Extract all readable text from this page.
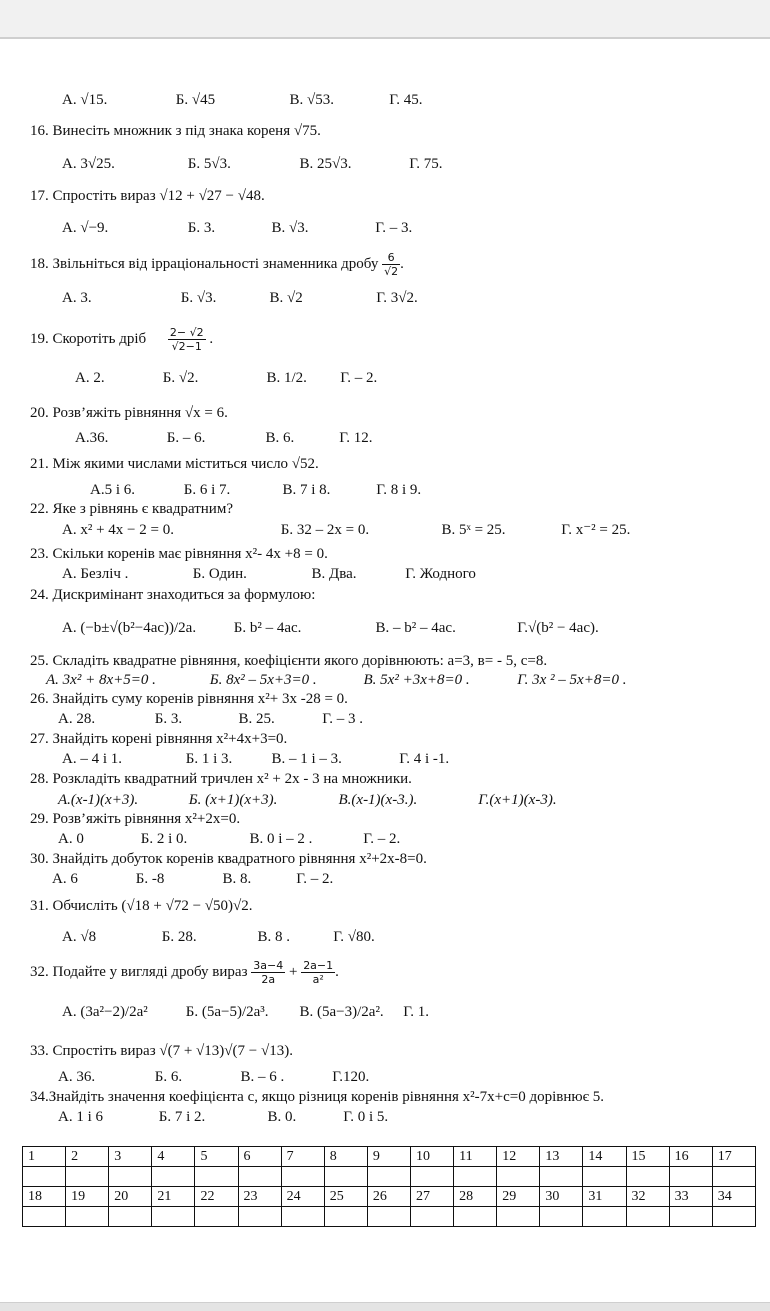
А. √15.	Б. √45	В. √53.	Г. 45.
16. Винесіть множник з під знака кореня √75.
А. 3√25.	Б. 5√3.	В. 25√3.	Г. 75.
17. Спростіть вираз √12 + √27 − √48.
А. √−9.	Б. 3.	В. √3.	Г. – 3.
18. Звільніться від ірраціональності знаменника дробу $\frac{6}{√2}$ .
А. 3.	Б. √3.	В. √2	Г. 3√2.
19. Скоротіть дріб $\frac{2- √2}{√2-1}$ .
А. 2.	Б. √2.	В. 1/2. Г. – 2.
20. Розв’яжіть рівняння √x = 6.
А.36.	Б. – 6.	В. 6.	Г. 12.
21. Між якими числами міститься число √52.
А.5 і 6.	Б. 6 і 7.	В. 7 і 8.	Г. 8 і 9.
22. Яке з рівнянь є квадратним?
А. x² + 4x − 2 = 0.	Б. 32 – 2x = 0.	В. 5ˣ = 25.	Г. x⁻² = 25.
23. Скільки коренів має рівняння x²- 4x +8 = 0.
А. Безліч .	Б. Один.	В. Два.	Г. Жодного
24. Дискримінант знаходиться за формулою:
А. (−b±√(b²−4ac))/2a.	Б. b² – 4ac.	В. – b² – 4ac.	Г.√(b² − 4ac).
25. Складіть квадратне рівняння, коефіцієнти якого дорівнюють: a=3, в= - 5, c=8.
А. 3x² + 8x+5=0 .	Б. 8x² – 5x+3=0 .	В. 5x² +3x+8=0 .	Г. 3x ² – 5x+8=0 .
26. Знайдіть суму коренів рівняння x²+ 3x -28 = 0.
А. 28.	Б. 3.	В. 25.	Г. – 3 .
27. Знайдіть корені рівняння x²+4x+3=0.
А. – 4 і 1.	Б. 1 і 3.	В. – 1 і – 3.	Г. 4 і -1.
28. Розкладіть квадратний тричлен x² + 2x - 3 на множники.
А.(x-1)(x+3).	Б. (x+1)(x+3).	В.(x-1)(x-3.).	Г.(x+1)(x-3).
29. Розв’яжіть рівняння x²+2x=0.
А. 0	Б. 2 і 0.	В. 0 і – 2 .	Г. – 2.
30. Знайдіть добуток коренів квадратного рівняння x²+2x-8=0.
А. 6	Б. -8	В. 8.	Г. – 2.
31. Обчисліть (√18 + √72 − √50)√2.
А. √8	Б. 28.	В. 8 .	Г. √80.
32. Подайте у вигляді дробу вираз $\frac{3a-4}{2a} + \frac{2a-1}{\text{a²}}$ .
А. (3a²−2)/2a²	Б. (5a−5)/2a³. В. (5a−3)/2a². Г. 1.
33. Спростіть вираз √(7 + √13)√(7 − √13).
А. 36.	Б. 6.	В. – 6 .	Г.120.
34.Знайдіть значення коефіцієнта с, якщо різниця коренів рівняння x²-7x+c=0 дорівнює 5.
А. 1 і 6	Б. 7 і 2.	В. 0.	Г. 0 і 5.
1	2	3	4	5	6	7	8	9	10	11	12	13	14	15	16	17

18	19	20	21	22	23	24	25	26	27	28	29	30	31	32	33	34
